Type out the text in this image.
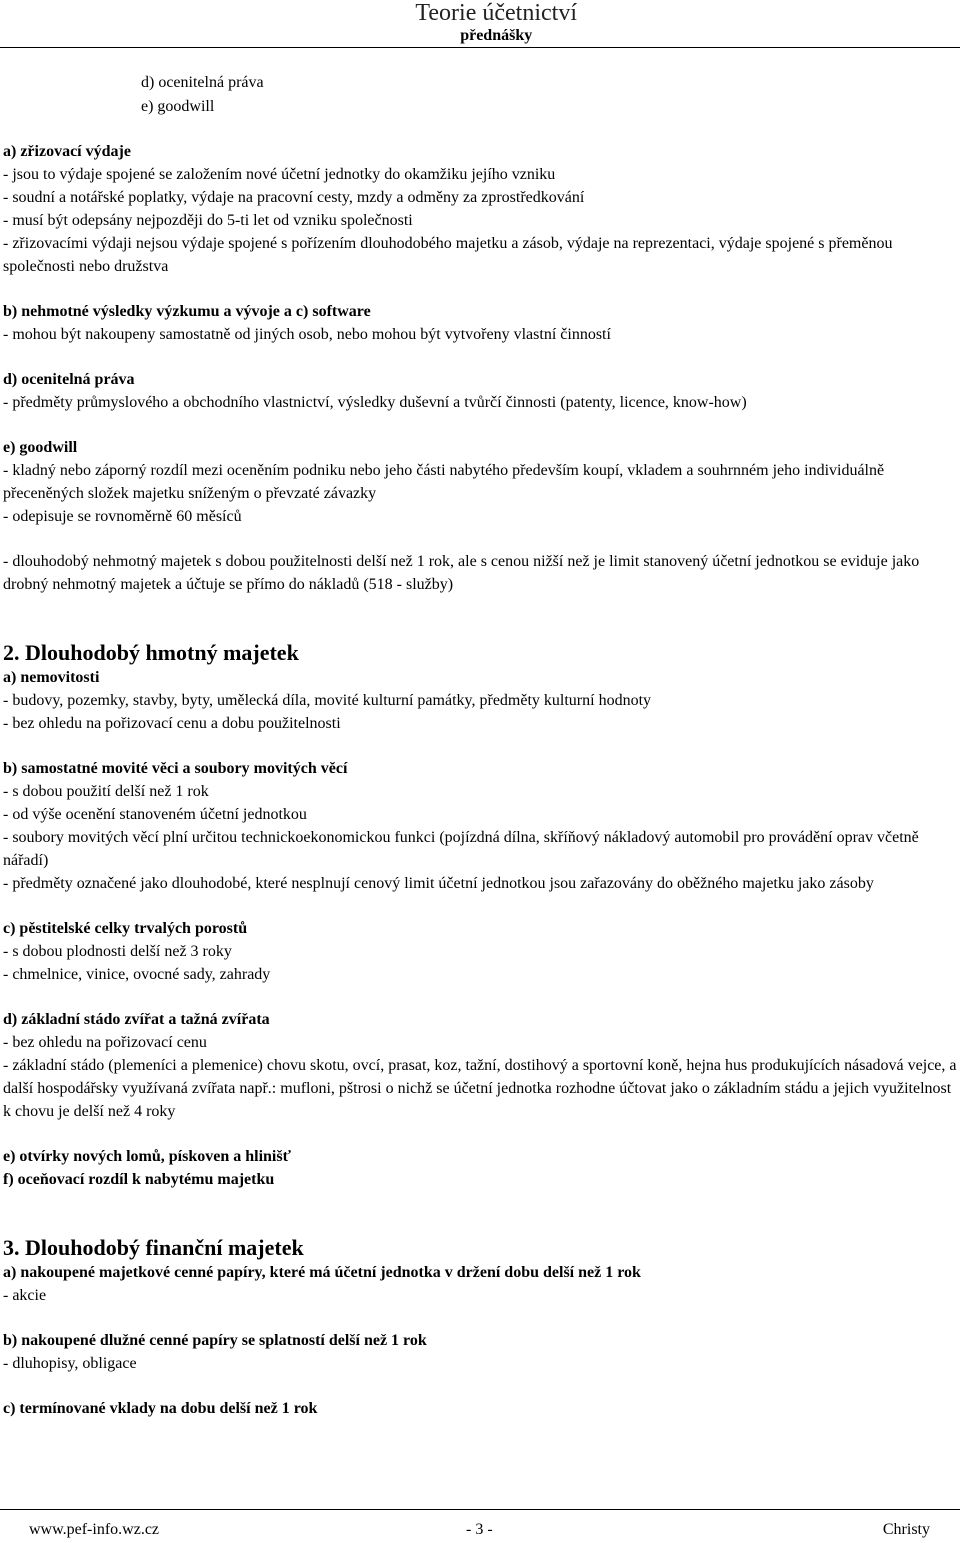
Teorie účetnictví
přednášky
d) ocenitelná práva
e) goodwill
a) zřizovací výdaje
- jsou to výdaje spojené se založením nové účetní jednotky do okamžiku jejího vzniku
- soudní a notářské poplatky, výdaje na pracovní cesty, mzdy a odměny za zprostředkování
- musí být odepsány nejpozději do 5-ti let od vzniku společnosti
- zřizovacími výdaji nejsou výdaje spojené s pořízením dlouhodobého majetku a zásob, výdaje na reprezentaci, výdaje spojené s přeměnou společnosti nebo družstva
b) nehmotné výsledky výzkumu a vývoje a c) software
- mohou být nakoupeny samostatně od jiných osob, nebo mohou být vytvořeny vlastní činností
d) ocenitelná práva
- předměty průmyslového a obchodního vlastnictví, výsledky duševní a tvůrčí činnosti (patenty, licence, know-how)
e) goodwill
- kladný nebo záporný rozdíl mezi oceněním podniku nebo jeho části nabytého především koupí, vkladem a souhrnném jeho individuálně přeceněných složek majetku sníženým o převzaté závazky
- odepisuje se rovnoměrně 60 měsíců
- dlouhodobý nehmotný majetek s dobou použitelnosti delší než 1 rok, ale s cenou nižší než je limit stanovený účetní jednotkou se eviduje jako drobný nehmotný majetek a účtuje se přímo do nákladů (518 - služby)
2. Dlouhodobý hmotný majetek
a) nemovitosti
- budovy, pozemky, stavby, byty, umělecká díla, movité kulturní památky, předměty kulturní hodnoty
- bez ohledu na pořizovací cenu a dobu použitelnosti
b) samostatné movité věci a soubory movitých věcí
- s dobou použití delší než 1 rok
- od výše ocenění stanoveném účetní jednotkou
- soubory movitých věcí plní určitou technickoekonomickou funkci (pojízdná dílna, skříňový nákladový automobil pro provádění oprav včetně nářadí)
- předměty označené jako dlouhodobé, které nesplnují cenový limit účetní jednotkou jsou zařazovány do oběžného majetku jako zásoby
c) pěstitelské celky trvalých porostů
- s dobou plodnosti delší než 3 roky
- chmelnice, vinice, ovocné sady, zahrady
d) základní stádo zvířat a tažná zvířata
- bez ohledu na pořizovací cenu
- základní stádo (plemeníci a plemenice) chovu skotu, ovcí, prasat, koz, tažní, dostihový a sportovní koně, hejna hus produkujících násadová vejce, a další hospodářsky využívaná zvířata např.: mufloni, pštrosi o nichž se účetní jednotka rozhodne účtovat jako o základním stádu a jejich využitelnost k chovu je delší než 4 roky
e) otvírky nových lomů, pískoven a hlinišť
f) oceňovací rozdíl k nabytému majetku
3. Dlouhodobý finanční majetek
a) nakoupené majetkové cenné papíry, které má účetní jednotka v držení dobu delší než 1 rok
- akcie
b) nakoupené dlužné cenné papíry se splatností delší než 1 rok
- dluhopisy, obligace
c) termínované vklady na dobu delší než 1 rok
www.pef-info.wz.cz	- 3 -	Christy
